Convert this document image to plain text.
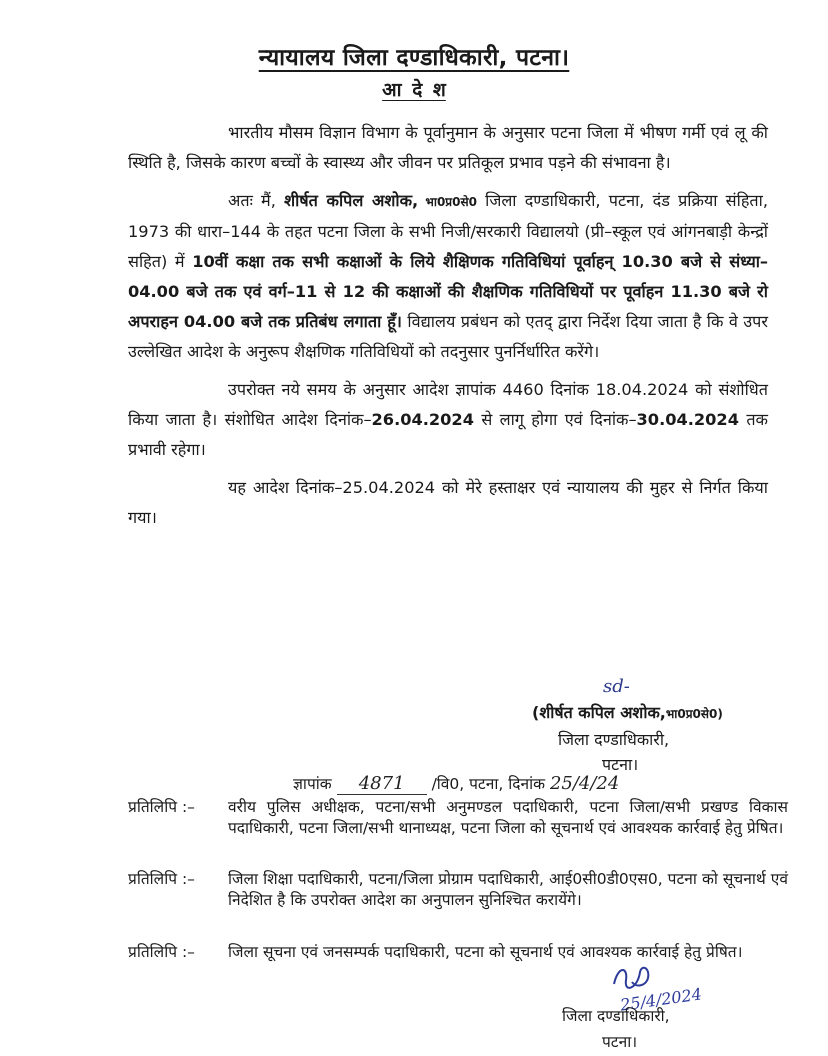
न्यायालय जिला दण्डाधिकारी, पटना।
आ दे श

भारतीय मौसम विज्ञान विभाग के पूर्वानुमान के अनुसार पटना जिला में भीषण गर्मी एवं लू की स्थिति है, जिसके कारण बच्चों के स्वास्थ्य और जीवन पर प्रतिकूल प्रभाव पड़ने की संभावना है।

अतः मैं, शीर्षत कपिल अशोक, भा0प्र0से0 जिला दण्डाधिकारी, पटना, दंड प्रक्रिया संहिता, 1973 की धारा–144 के तहत पटना जिला के सभी निजी/सरकारी विद्यालयो (प्री–स्कूल एवं आंगनबाड़ी केन्द्रों सहित) में 10वीं कक्षा तक सभी कक्षाओं के लिये शैक्षिणक गतिविधियां पूर्वाहन् 10.30 बजे से संध्या–04.00 बजे तक एवं वर्ग–11 से 12 की कक्षाओं की शैक्षणिक गतिविधियों पर पूर्वाहन 11.30 बजे रो अपराहन 04.00 बजे तक प्रतिबंध लगाता हूँ। विद्यालय प्रबंधन को एतद् द्वारा निर्देश दिया जाता है कि वे उपर उल्लेखित आदेश के अनुरूप शैक्षणिक गतिविधियों को तदनुसार पुनर्निर्धारित करेंगे।

उपरोक्त नये समय के अनुसार आदेश ज्ञापांक 4460 दिनांक 18.04.2024 को संशोधित किया जाता है। संशोधित आदेश दिनांक–26.04.2024 से लागू होगा एवं दिनांक–30.04.2024 तक प्रभावी रहेगा।

यह आदेश दिनांक–25.04.2024 को मेरे हस्ताक्षर एवं न्यायालय की मुहर से निर्गत किया गया।

sd-
(शीर्षत कपिल अशोक,भा0प्र0से0)
जिला दण्डाधिकारी,
पटना।
ज्ञापांक 4871 /वि0, पटना, दिनांक 25/4/24
प्रतिलिपि :– वरीय पुलिस अधीक्षक, पटना/सभी अनुमण्डल पदाधिकारी, पटना जिला/सभी प्रखण्ड विकास पदाधिकारी, पटना जिला/सभी थानाध्यक्ष, पटना जिला को सूचनार्थ एवं आवश्यक कार्रवाई हेतु प्रेषित।
प्रतिलिपि :– जिला शिक्षा पदाधिकारी, पटना/जिला प्रोग्राम पदाधिकारी, आई0सी0डी0एस0, पटना को सूचनार्थ एवं निदेशित है कि उपरोक्त आदेश का अनुपालन सुनिश्चित करायेंगे।
प्रतिलिपि :– जिला सूचना एवं जनसम्पर्क पदाधिकारी, पटना को सूचनार्थ एवं आवश्यक कार्रवाई हेतु प्रेषित।
25/4/2024
जिला दण्डाधिकारी,
पटना।
